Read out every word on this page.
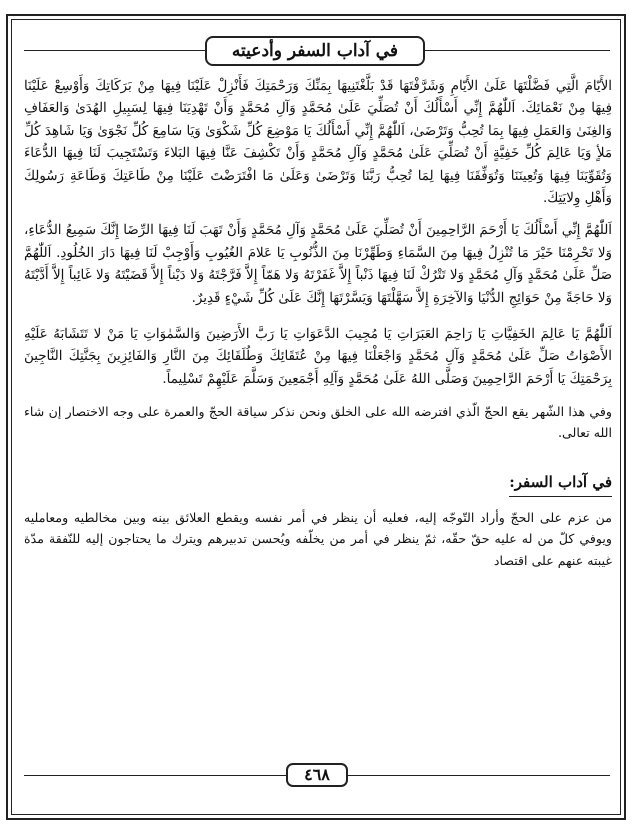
في آداب السفر وأدعيته

الأَيّامَ الَّتِي فَضَّلْتَهَا عَلَىٰ الأَيّامِ وَشَرَّفْتَهَا قَدْ بَلَّغْتَنِيهَا بِمَنِّكَ وَرَحْمَتِكَ فَأَنْزِلْ عَلَيْنَا فِيهَا مِنْ بَرَكَاتِكَ وَأَوْسِعْ عَلَيْنَا فِيهَا مِنْ نَعْمَائِكَ. اَللّٰهُمَّ إِنِّي أَسْأَلُكَ أَنْ تُصَلِّيَ عَلَىٰ مُحَمَّدٍ وَآلِ مُحَمَّدٍ وَأَنْ تَهْدِيَنَا فِيهَا لِسَبِيلِ الهُدَىٰ وَالعَفَافِ وَالغِنَىٰ وَالعَمَلِ فِيهَا بِمَا تُحِبُّ وَتَرْضَىٰ، اَللّٰهُمَّ إِنِّي أَسْأَلُكَ يَا مَوْضِعَ كُلِّ شَكْوَىٰ وَيَا سَامِعَ كُلِّ نَجْوَىٰ وَيَا شَاهِدَ كُلِّ مَلأٍ وَيَا عَالِمَ كُلِّ خَفِيَّةٍ أَنْ تُصَلِّيَ عَلَىٰ مُحَمَّدٍ وَآلِ مُحَمَّدٍ وَأَنْ تَكْشِفَ عَنَّا فِيهَا البَلاءَ وَتَسْتَجِيبَ لَنَا فِيهَا الدُّعَاءَ وَتُقَوِّيَنَا فِيهَا وَتُعِينَنَا وَتُوَفِّقَنَا فِيهَا لِمَا تُحِبُّ رَبَّنَا وَتَرْضَىٰ وَعَلَىٰ مَا افْتَرَضْتَ عَلَيْنَا مِنْ طَاعَتِكَ وَطَاعَةِ رَسُولِكَ وَأَهْلِ وِلايَتِكَ.

اَللّٰهُمَّ إِنِّي أَسْأَلُكَ يَا أَرْحَمَ الرَّاحِمِينَ أَنْ تُصَلِّيَ عَلَىٰ مُحَمَّدٍ وَآلِ مُحَمَّدٍ وَأَنْ تَهَبَ لَنَا فِيهَا الرِّضَا إِنَّكَ سَمِيعُ الدُّعَاءِ، وَلا تَحْرِمْنَا خَيْرَ مَا تُنْزِلُ فِيهَا مِنَ السَّمَاءِ وَطَهِّرْنَا مِنَ الذُّنُوبِ يَا عَلامَ الغُيُوبِ وَأَوْجِبْ لَنَا فِيهَا دَارَ الخُلُودِ. اَللّٰهُمَّ صَلِّ عَلَىٰ مُحَمَّدٍ وَآلِ مُحَمَّدٍ وَلا تَتْرُكْ لَنَا فِيهَا ذَنْباً إِلاَّ غَفَرْتَهُ وَلا هَمّاً إِلاَّ فَرَّجْتَهُ وَلا دَيْناً إِلاَّ قَضَيْتَهُ وَلا غَائِباً إِلاَّ أَدَّيْتَهُ وَلا حَاجَةً مِنْ حَوَائِجِ الدُّنْيَا وَالآخِرَةِ إِلاَّ سَهَّلْتَهَا وَيَسَّرْتَهَا إِنَّكَ عَلَىٰ كُلِّ شَيْءٍ قَدِيرٌ.

اَللّٰهُمَّ يَا عَالِمَ الخَفِيَّاتِ يَا رَاحِمَ العَبَرَاتِ يَا مُجِيبَ الدَّعَوَاتِ يَا رَبَّ الأَرَضِينَ وَالسَّمٰوَاتِ يَا مَنْ لا تَتَشَابَهُ عَلَيْهِ الأَصْوَاتُ صَلِّ عَلَىٰ مُحَمَّدٍ وَآلِ مُحَمَّدٍ وَاجْعَلْنَا فِيهَا مِنْ عُتَقَائِكَ وَطُلَقَائِكَ مِنَ النَّارِ وَالفَائِزِينَ بِجَنَّتِكَ النَّاجِينَ بِرَحْمَتِكَ يَا أَرْحَمَ الرَّاحِمِينَ وَصَلَّى اللهُ عَلَىٰ مُحَمَّدٍ وَآلِهِ أَجْمَعِينَ وَسَلَّمَ عَلَيْهِمْ تَسْلِيماً.

وفي هذا الشّهر يقع الحجّ الّذي افترضه الله على الخلق ونحن نذكر سياقة الحجّ والعمرة على وجه الاختصار إن شاء الله تعالى.

في آداب السفر:

من عزم على الحجّ وأراد التّوجّه إليه، فعليه أن ينظر في أمر نفسه ويقطع العلائق بينه وبين مخالطيه ومعامليه ويوفي كلّ من له عليه حقّ حقّه، ثمّ ينظر في أمر من يخلّفه ويُحسن تدبيرهم ويترك ما يحتاجون إليه للنّفقة مدّة غيبته عنهم على اقتصاد

٤٦٨
